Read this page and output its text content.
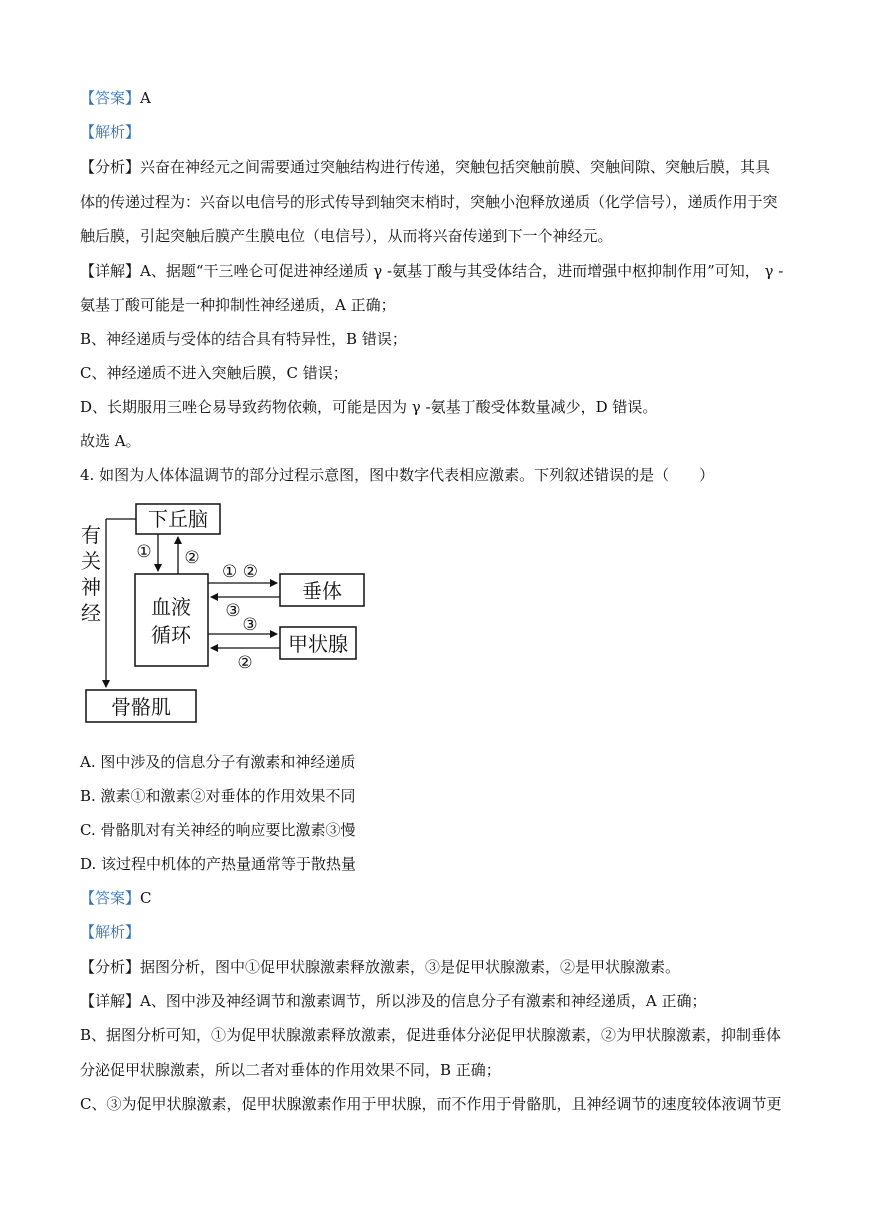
【答案】A
【解析】
【分析】兴奋在神经元之间需要通过突触结构进行传递，突触包括突触前膜、突触间隙、突触后膜，其具
体的传递过程为：兴奋以电信号的形式传导到轴突末梢时，突触小泡释放递质（化学信号），递质作用于突
触后膜，引起突触后膜产生膜电位（电信号），从而将兴奋传递到下一个神经元。
【详解】A、据题“干三唑仑可促进神经递质 γ -氨基丁酸与其受体结合，进而增强中枢抑制作用”可知， γ -
氨基丁酸可能是一种抑制性神经递质，A 正确；
B、神经递质与受体的结合具有特异性，B 错误；
C、神经递质不进入突触后膜，C 错误；
D、长期服用三唑仑易导致药物依赖，可能是因为 γ -氨基丁酸受体数量减少，D 错误。
故选 A。
4. 如图为人体体温调节的部分过程示意图，图中数字代表相应激素。下列叙述错误的是（　　）
下丘脑
血液
循环
垂体
甲状腺
骨骼肌
有
关
神
经
① ②
① ②
③
③
②
A. 图中涉及的信息分子有激素和神经递质
B. 激素①和激素②对垂体的作用效果不同
C. 骨骼肌对有关神经的响应要比激素③慢
D. 该过程中机体的产热量通常等于散热量
【答案】C
【解析】
【分析】据图分析，图中①促甲状腺激素释放激素，③是促甲状腺激素，②是甲状腺激素。
【详解】A、图中涉及神经调节和激素调节，所以涉及的信息分子有激素和神经递质，A 正确；
B、据图分析可知，①为促甲状腺激素释放激素，促进垂体分泌促甲状腺激素，②为甲状腺激素，抑制垂体
分泌促甲状腺激素，所以二者对垂体的作用效果不同，B 正确；
C、③为促甲状腺激素，促甲状腺激素作用于甲状腺，而不作用于骨骼肌，且神经调节的速度较体液调节更
